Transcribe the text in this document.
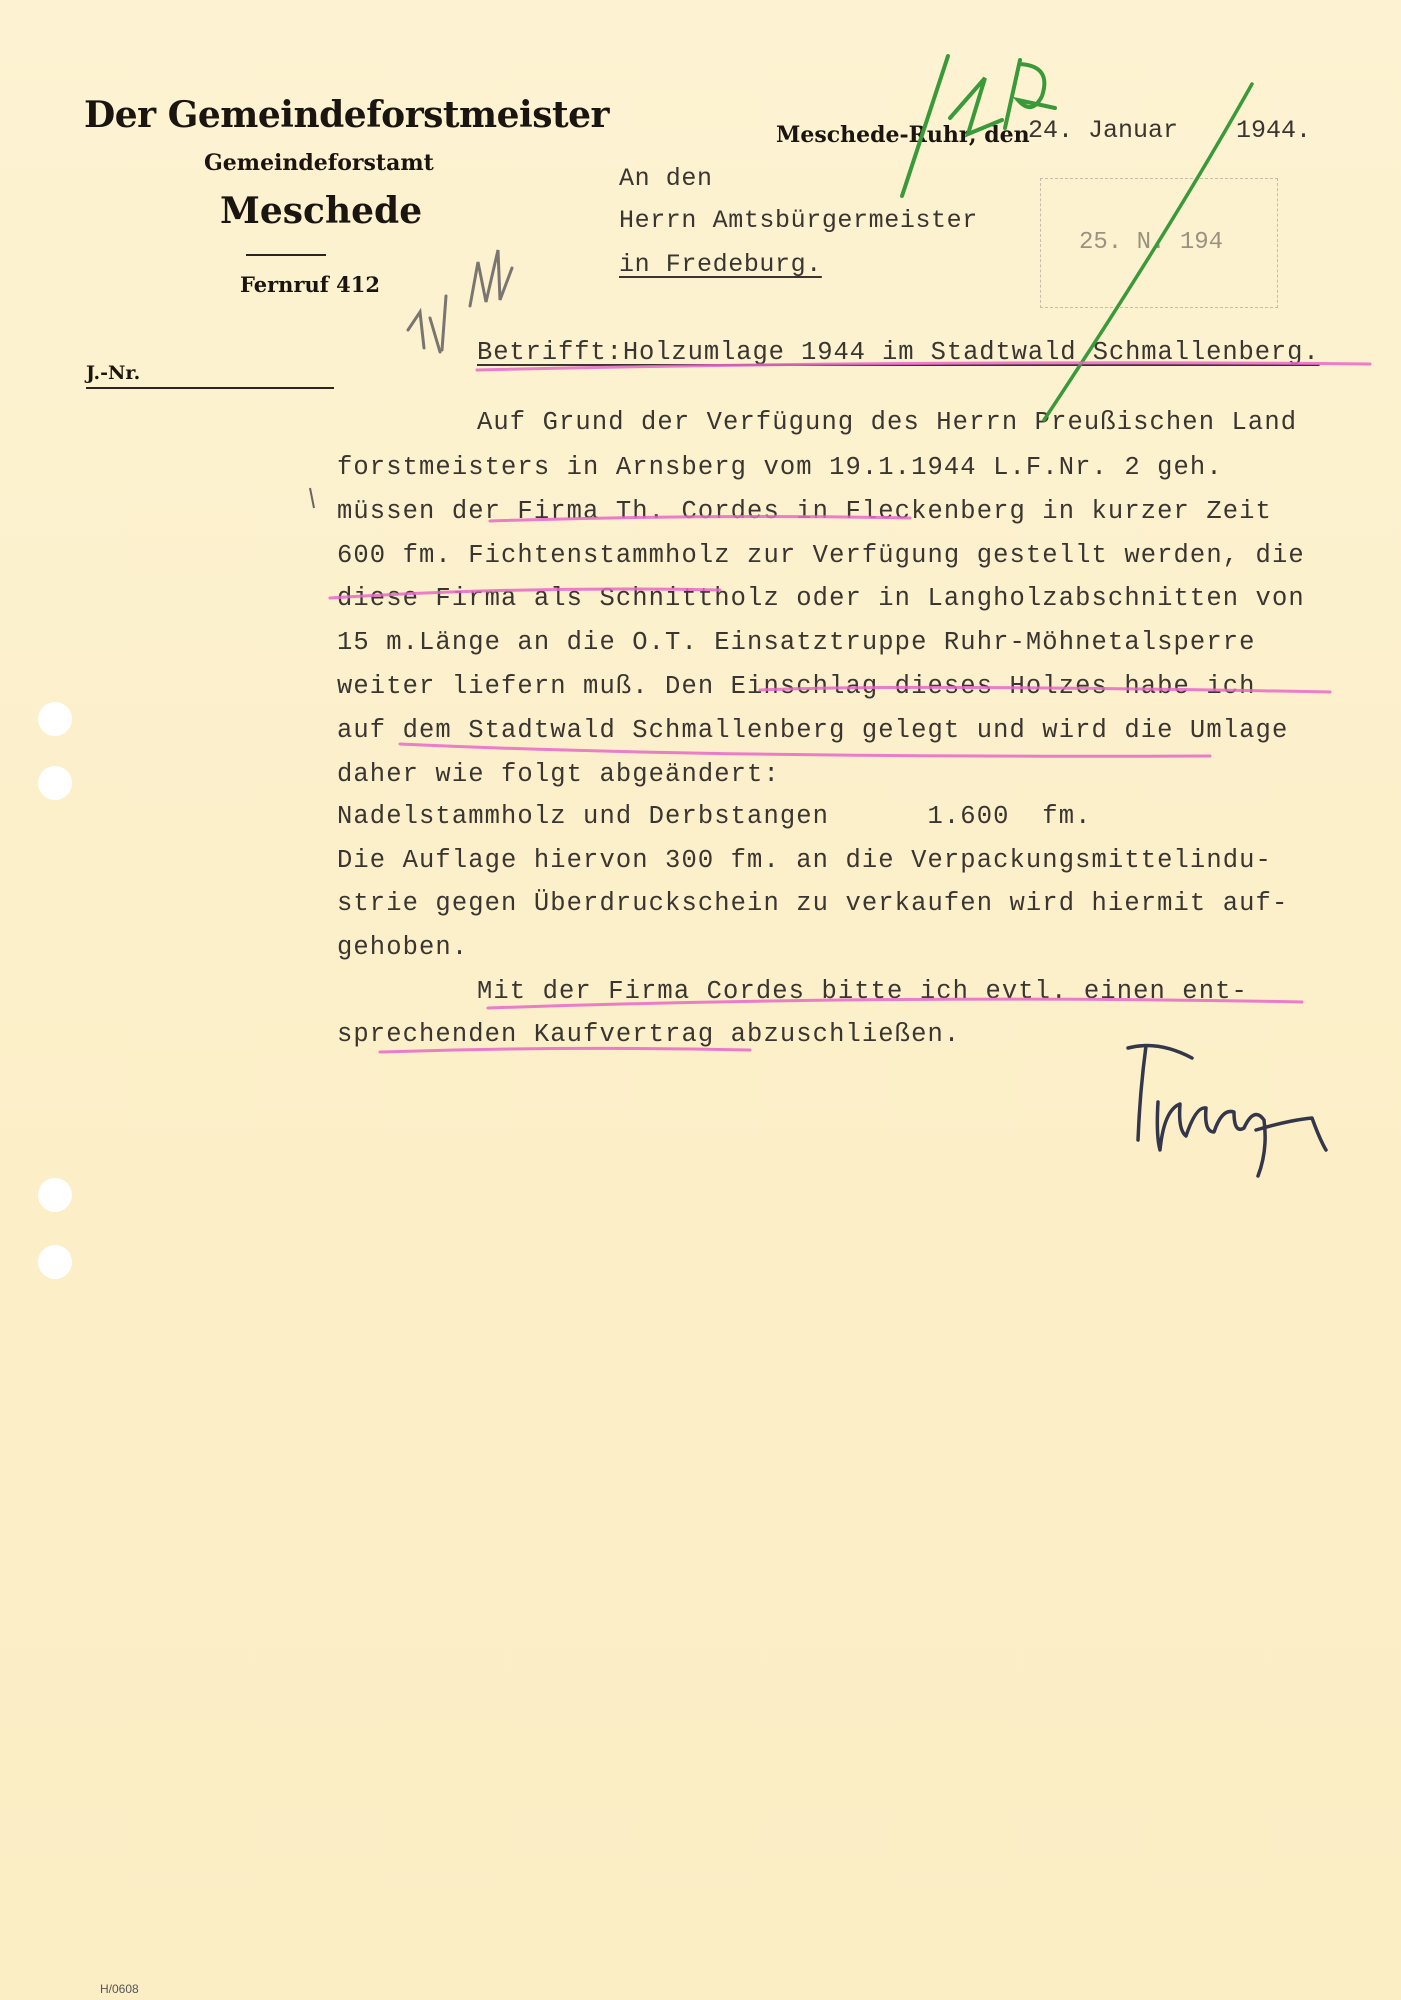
Der Gemeindeforstmeister
Gemeindeforstamt
Meschede
Fernruf 412
J.-Nr.
Meschede-Ruhr, den
24. Januar 1944.
An den
Herrn Amtsbürgermeister
in Fredeburg.
25. N. 194
Betrifft:Holzumlage 1944 im Stadtwald Schmallenberg.
Auf Grund der Verfügung des Herrn Preußischen Land
forstmeisters in Arnsberg vom 19.1.1944 L.F.Nr. 2 geh.
müssen der Firma Th. Cordes in Fleckenberg in kurzer Zeit
600 fm. Fichtenstammholz zur Verfügung gestellt werden, die
diese Firma als Schnittholz oder in Langholzabschnitten von
15 m.Länge an die O.T. Einsatztruppe Ruhr-Möhnetalsperre
weiter liefern muß. Den Einschlag dieses Holzes habe ich
auf dem Stadtwald Schmallenberg gelegt und wird die Umlage
daher wie folgt abgeändert:
Nadelstammholz und Derbstangen      1.600  fm.
Die Auflage hiervon 300 fm. an die Verpackungsmittelindu-
strie gegen Überdruckschein zu verkaufen wird hiermit auf-
gehoben.
Mit der Firma Cordes bitte ich evtl. einen ent-
sprechenden Kaufvertrag abzuschließen.
H/0608
